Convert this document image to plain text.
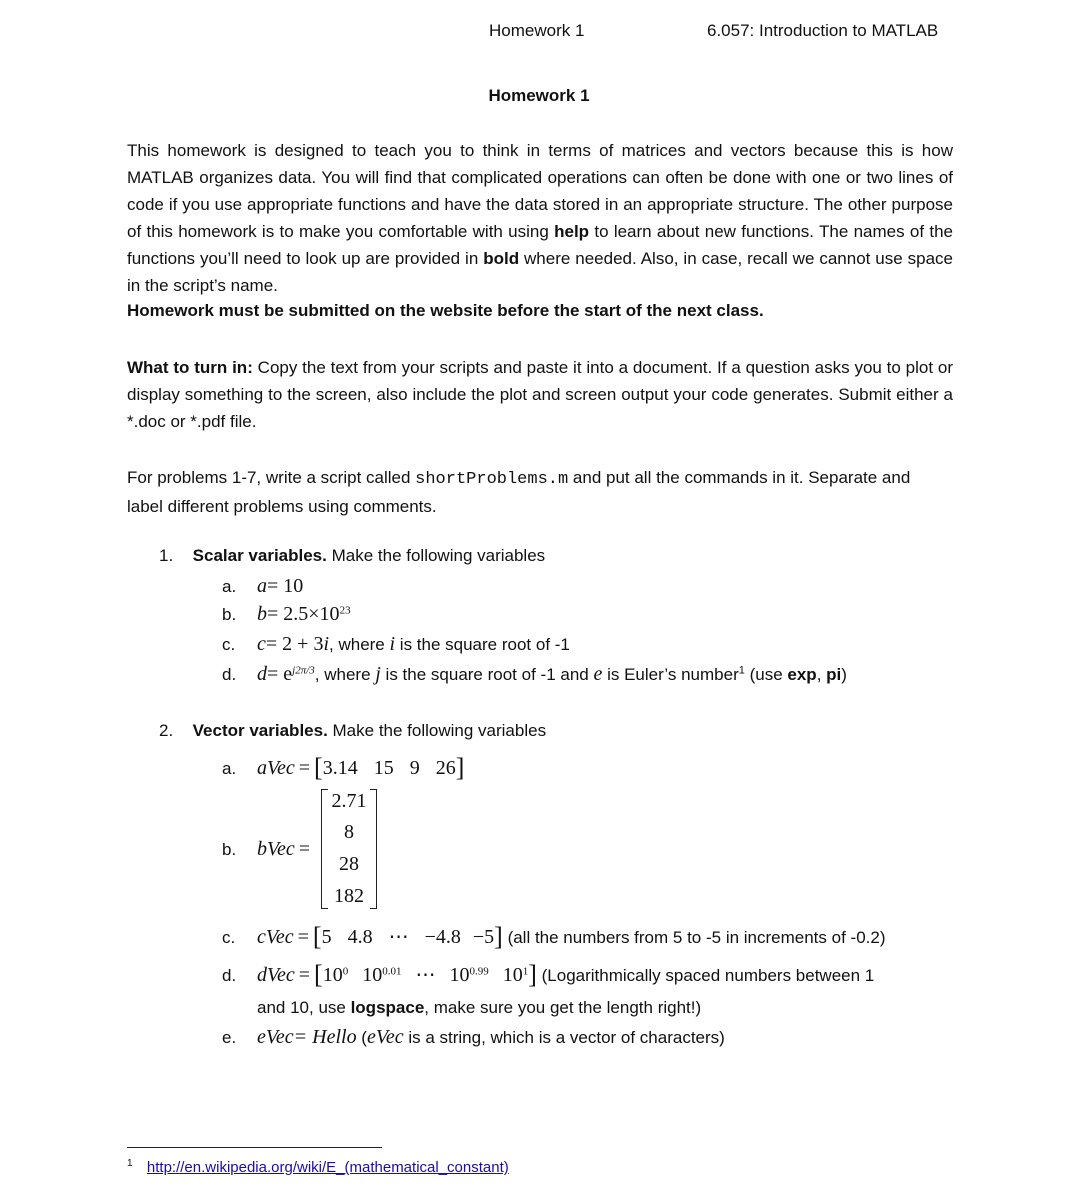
Homework 1	6.057: Introduction to MATLAB
Homework 1
This homework is designed to teach you to think in terms of matrices and vectors because this is how MATLAB organizes data. You will find that complicated operations can often be done with one or two lines of code if you use appropriate functions and have the data stored in an appropriate structure. The other purpose of this homework is to make you comfortable with using help to learn about new functions. The names of the functions you’ll need to look up are provided in bold where needed. Also, in case, recall we cannot use space in the script’s name.
Homework must be submitted on the website before the start of the next class.
What to turn in: Copy the text from your scripts and paste it into a document. If a question asks you to plot or display something to the screen, also include the plot and screen output your code generates. Submit either a *.doc or *.pdf file.
For problems 1-7, write a script called shortProblems.m and put all the commands in it. Separate and label different problems using comments.
1. Scalar variables. Make the following variables
a. a= 10
b. $b= 2.5\times 10^{23}$
c. c= 2 + 3i, where i is the square root of -1
d. $d= e^{j2\pi/3}$, where j is the square root of -1 and e is Euler’s number$^1$ (use exp, pi)
2. Vector variables. Make the following variables
a. aVec = [3.14 15 9 26]
b. bVec =
2.71
8
28
182
c. cVec = [5 4.8 ⋯ −4.8 −5] (all the numbers from 5 to -5 in increments of -0.2)
d. dVec = [$10^0$ $10^{0.01}$ ⋯ $10^{0.99}$ $10^1$] (Logarithmically spaced numbers between 1
and 10, use logspace, make sure you get the length right!)
e. eVec= Hello (eVec is a string, which is a vector of characters)
$^1$ http://en.wikipedia.org/wiki/E_(mathematical_constant)
